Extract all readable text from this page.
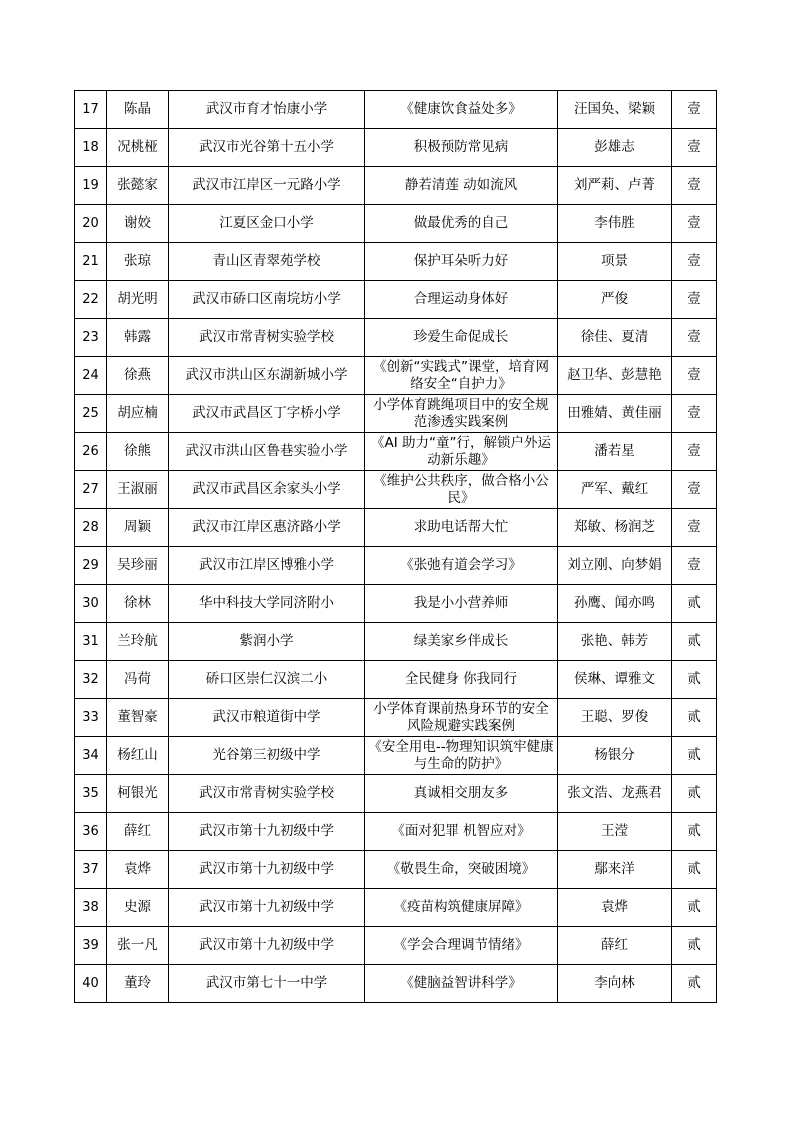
17	陈晶	武汉市育才怡康小学	《健康饮食益处多》	汪国奂、梁颖	壹
18	况桃桠	武汉市光谷第十五小学	积极预防常见病	彭雄志	壹
19	张懿家	武汉市江岸区一元路小学	静若清莲 动如流风	刘严莉、卢菁	壹
20	谢姣	江夏区金口小学	做最优秀的自己	李伟胜	壹
21	张琼	青山区青翠苑学校	保护耳朵听力好	项景	壹
22	胡光明	武汉市硚口区南垸坊小学	合理运动身体好	严俊	壹
23	韩露	武汉市常青树实验学校	珍爱生命促成长	徐佳、夏清	壹
24	徐燕	武汉市洪山区东湖新城小学	《创新“实践式”课堂，培育网络安全“自护力》	赵卫华、彭慧艳	壹
25	胡应楠	武汉市武昌区丁字桥小学	小学体育跳绳项目中的安全规范渗透实践案例	田雅婧、黄佳丽	壹
26	徐熊	武汉市洪山区鲁巷实验小学	《AI 助力“童”行，解锁户外运动新乐趣》	潘若星	壹
27	王淑丽	武汉市武昌区余家头小学	《维护公共秩序，做合格小公民》	严军、戴红	壹
28	周颖	武汉市江岸区惠济路小学	求助电话帮大忙	郑敏、杨润芝	壹
29	吴珍丽	武汉市江岸区博雅小学	《张弛有道会学习》	刘立刚、向梦娟	壹
30	徐林	华中科技大学同济附小	我是小小营养师	孙鹰、闻亦鸣	贰
31	兰玲航	紫润小学	绿美家乡伴成长	张艳、韩芳	贰
32	冯荷	硚口区崇仁汉滨二小	全民健身 你我同行	侯琳、谭雅文	贰
33	董智豪	武汉市粮道街中学	小学体育课前热身环节的安全风险规避实践案例	王聪、罗俊	贰
34	杨红山	光谷第三初级中学	《安全用电--物理知识筑牢健康与生命的防护》	杨银分	贰
35	柯银光	武汉市常青树实验学校	真诚相交朋友多	张文浩、龙燕君	贰
36	薛红	武汉市第十九初级中学	《面对犯罪 机智应对》	王滢	贰
37	袁烨	武汉市第十九初级中学	《敬畏生命，突破困境》	鄢来洋	贰
38	史源	武汉市第十九初级中学	《疫苗构筑健康屏障》	袁烨	贰
39	张一凡	武汉市第十九初级中学	《学会合理调节情绪》	薛红	贰
40	董玲	武汉市第七十一中学	《健脑益智讲科学》	李向林	贰
